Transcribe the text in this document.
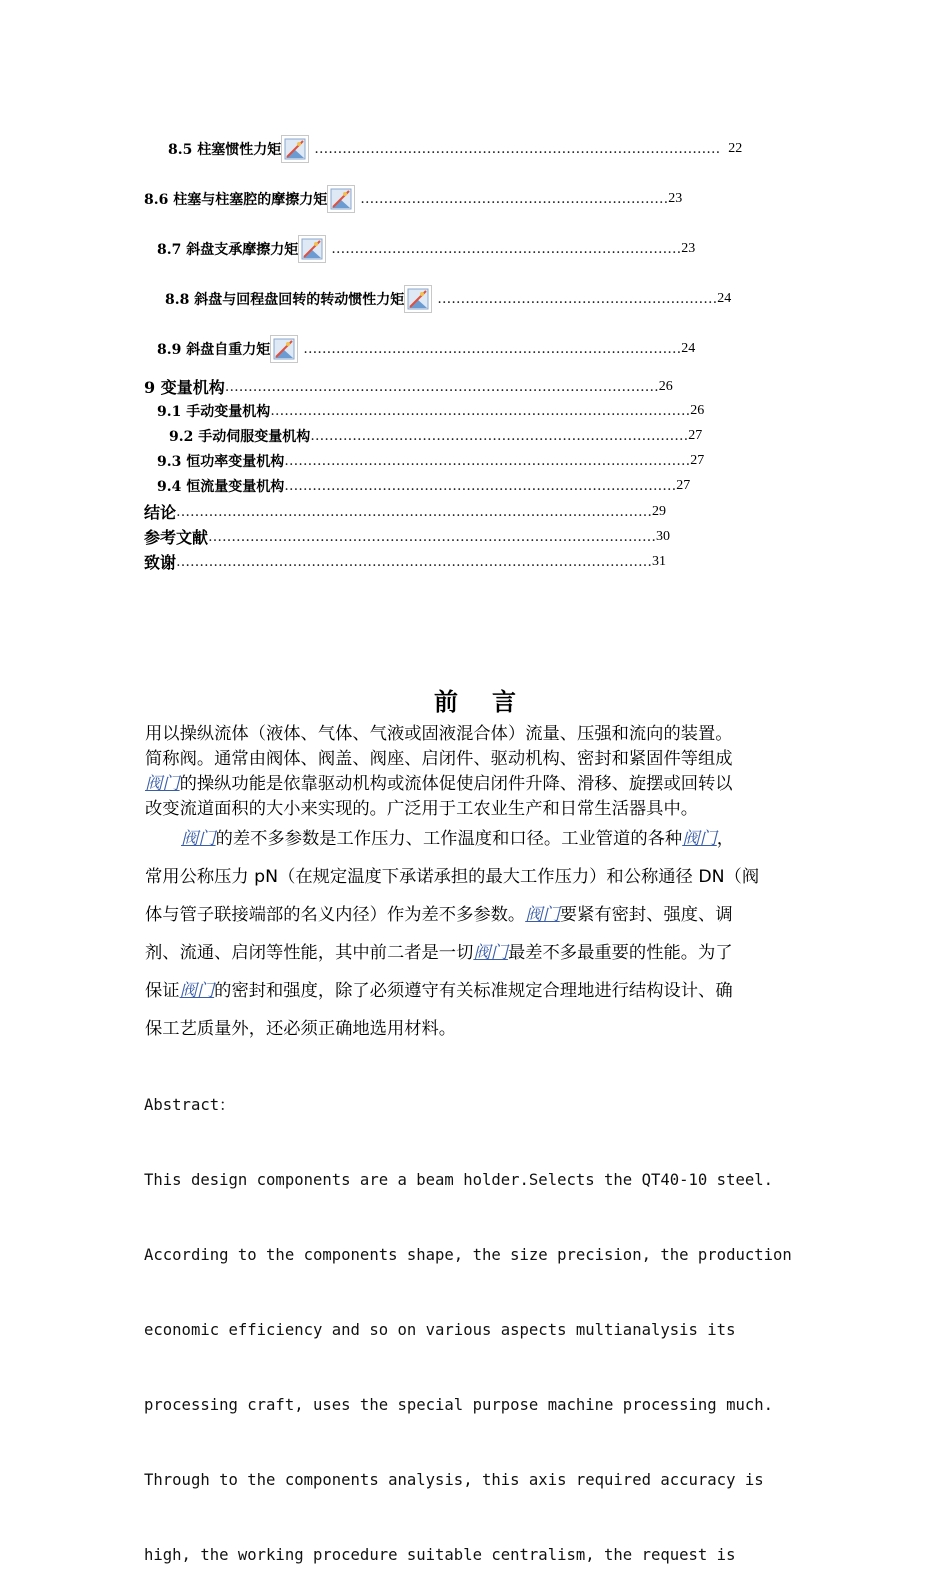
8.5 柱塞惯性力矩 …………………………………………………………………………… 22
8.6 柱塞与柱塞腔的摩擦力矩 ………………………………………………………… 23
8.7 斜盘支承摩擦力矩 ………………………………………………………………… 23
8.8 斜盘与回程盘回转的转动惯性力矩 …………………………………………………… 24
8.9 斜盘自重力矩 ……………………………………………………………………… 24
9 变量机构 ………………………………………………………………………………… 26
9.1 手动变量机构 ……………………………………………………………………………… 26
9.2 手动伺服变量机构 ……………………………………………………………………… 27
9.3 恒功率变量机构 …………………………………………………………………………… 27
9.4 恒流量变量机构 ………………………………………………………………………… 27
结论 ………………………………………………………………………………………… 29
参考文献 …………………………………………………………………………………… 30
致谢 ………………………………………………………………………………………… 31
前言
用以操纵流体（液体、气体、气液或固液混合体）流量、压强和流向的装置。
简称阀。通常由阀体、阀盖、阀座、启闭件、驱动机构、密封和紧固件等组成
阀门的操纵功能是依靠驱动机构或流体促使启闭件升降、滑移、旋摆或回转以
改变流道面积的大小来实现的。广泛用于工农业生产和日常生活器具中。
阀门的差不多参数是工作压力、工作温度和口径。工业管道的各种阀门，
常用公称压力 pN（在规定温度下承诺承担的最大工作压力）和公称通径 DN（阀
体与管子联接端部的名义内径）作为差不多参数。阀门要紧有密封、强度、调
剂、流通、启闭等性能，其中前二者是一切阀门最差不多最重要的性能。为了
保证阀门的密封和强度，除了必须遵守有关标准规定合理地进行结构设计、确
保工艺质量外，还必须正确地选用材料。

Abstract：

This design components are a beam holder.Selects the QT40-10 steel.

According to the components shape, the size precision, the production

economic efficiency and so on various aspects multianalysis its

processing craft, uses the special purpose machine processing much.

Through to the components analysis, this axis required accuracy is

high, the working procedure suitable centralism, the request is
